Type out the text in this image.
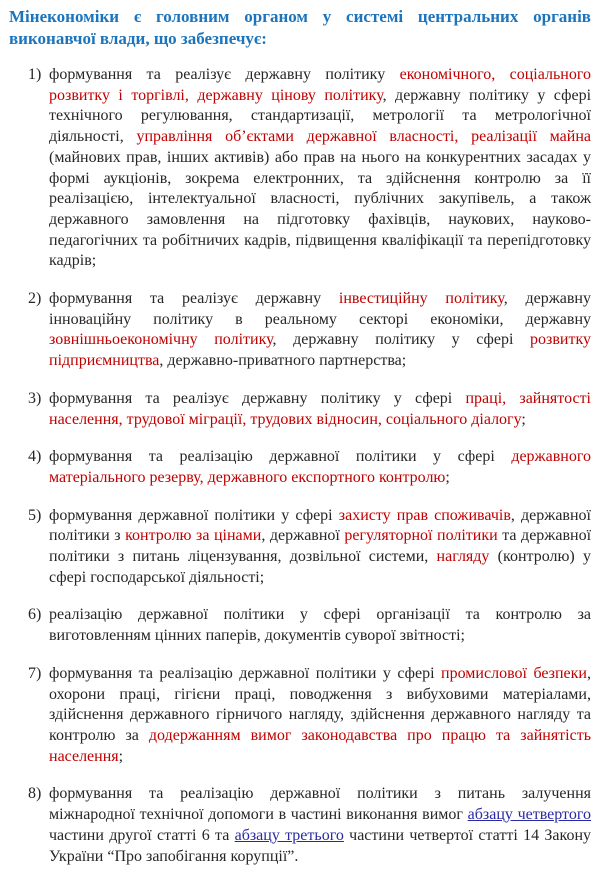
Мінекономіки є головним органом у системі центральних органів виконавчої влади, що забезпечує:

1) формування та реалізує державну політику економічного, соціального розвитку і торгівлі, державну цінову політику, державну політику у сфері технічного регулювання, стандартизації, метрології та метрологічної діяльності, управління об’єктами державної власності, реалізації майна (майнових прав, інших активів) або прав на нього на конкурентних засадах у формі аукціонів, зокрема електронних, та здійснення контролю за її реалізацією, інтелектуальної власності, публічних закупівель, а також державного замовлення на підготовку фахівців, наукових, науково-педагогічних та робітничих кадрів, підвищення кваліфікації та перепідготовку кадрів;
2) формування та реалізує державну інвестиційну політику, державну інноваційну політику в реальному секторі економіки, державну зовнішньоекономічну політику, державну політику у сфері розвитку підприємництва, державно-приватного партнерства;
3) формування та реалізує державну політику у сфері праці, зайнятості населення, трудової міграції, трудових відносин, соціального діалогу;
4) формування та реалізацію державної політики у сфері державного матеріального резерву, державного експортного контролю;
5) формування державної політики у сфері захисту прав споживачів, державної політики з контролю за цінами, державної регуляторної політики та державної політики з питань ліцензування, дозвільної системи, нагляду (контролю) у сфері господарської діяльності;
6) реалізацію державної політики у сфері організації та контролю за виготовленням цінних паперів, документів суворої звітності;
7) формування та реалізацію державної політики у сфері промислової безпеки, охорони праці, гігієни праці, поводження з вибуховими матеріалами, здійснення державного гірничого нагляду, здійснення державного нагляду та контролю за додержанням вимог законодавства про працю та зайнятість населення;
8) формування та реалізацію державної політики з питань залучення міжнародної технічної допомоги в частині виконання вимог абзацу четвертого частини другої статті 6 та абзацу третього частини четвертої статті 14 Закону України “Про запобігання корупції”.
